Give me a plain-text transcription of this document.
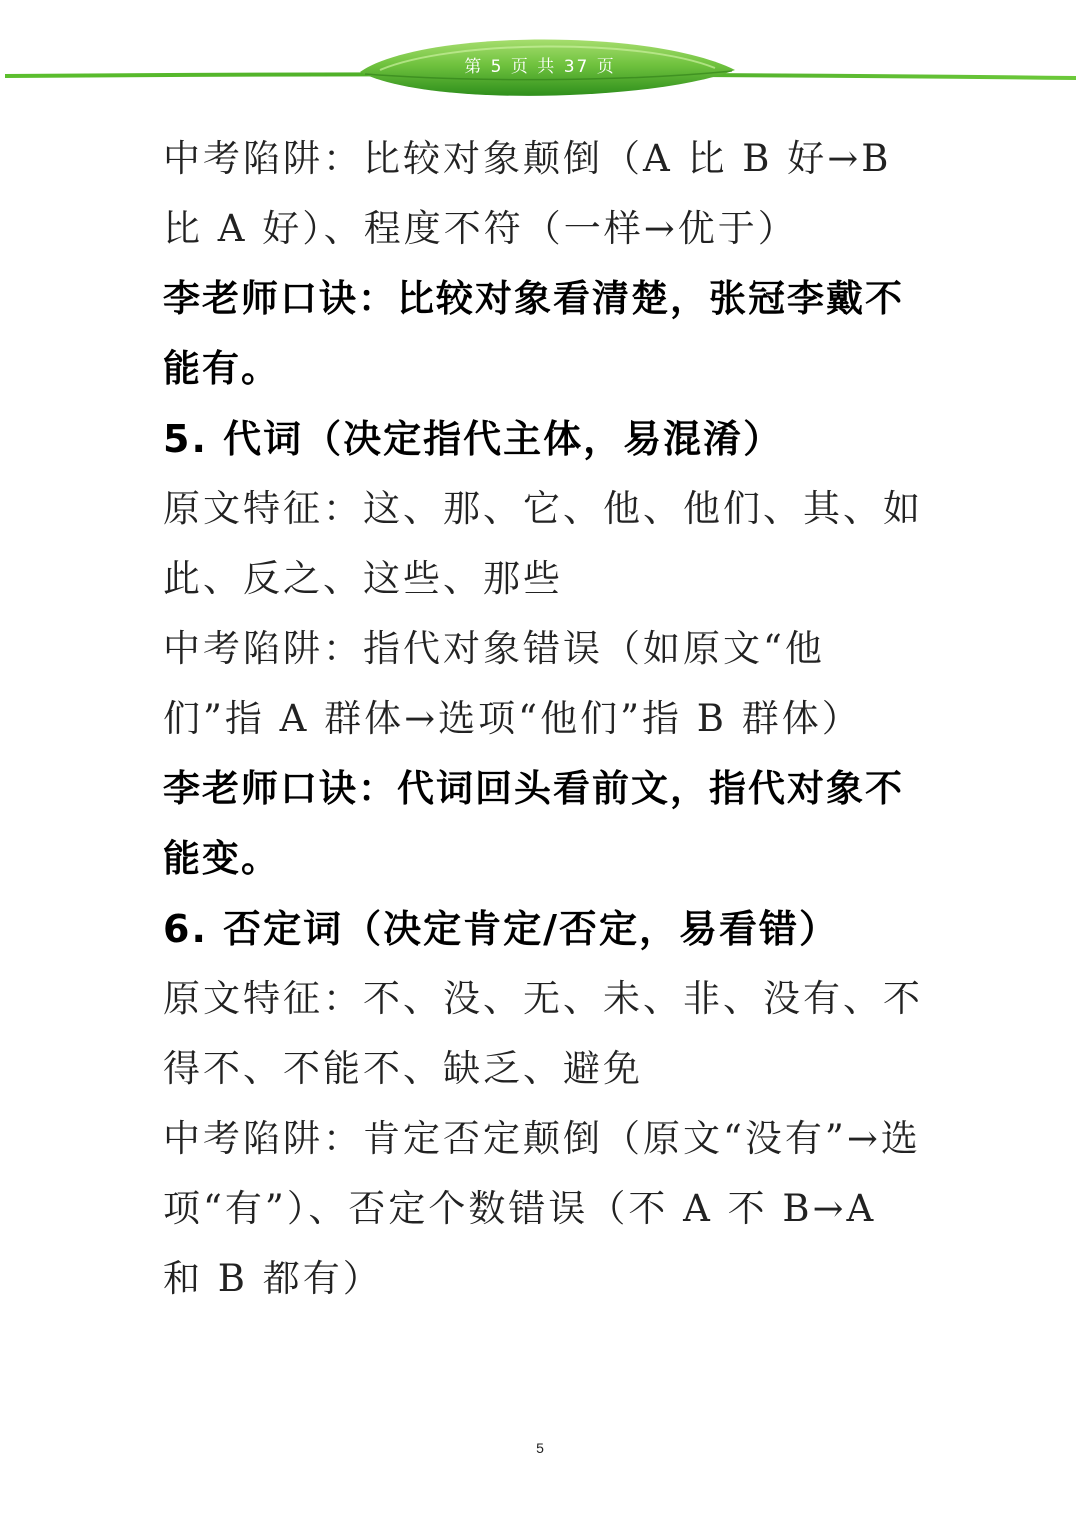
第 5 页 共 37 页

中考陷阱：比较对象颠倒（A 比 B 好→B 比 A 好）、程度不符（一样→优于）

李老师口诀：比较对象看清楚，张冠李戴不能有。

5. 代词（决定指代主体，易混淆）

原文特征：这、那、它、他、他们、其、如此、反之、这些、那些

中考陷阱：指代对象错误（如原文“他们”指 A 群体→选项“他们”指 B 群体）

李老师口诀：代词回头看前文，指代对象不能变。

6. 否定词（决定肯定/否定，易看错）

原文特征：不、没、无、未、非、没有、不得不、不能不、缺乏、避免

中考陷阱：肯定否定颠倒（原文“没有”→选项“有”）、否定个数错误（不 A 不 B→A 和 B 都有）

5
